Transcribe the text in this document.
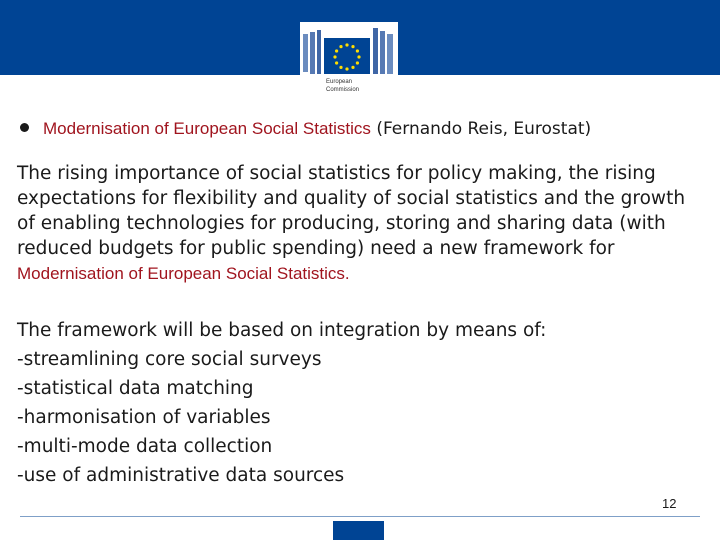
European
Commission
Modernisation of European Social Statistics (Fernando Reis, Eurostat)

The rising importance of social statistics for policy making, the rising expectations for flexibility and quality of social statistics and the growth of enabling technologies for producing, storing and sharing data (with reduced budgets for public spending) need a new framework for Modernisation of European Social Statistics.

The framework will be based on integration by means of:
-streamlining core social surveys
-statistical data matching
-harmonisation of variables
-multi-mode data collection
-use of administrative data sources
12
